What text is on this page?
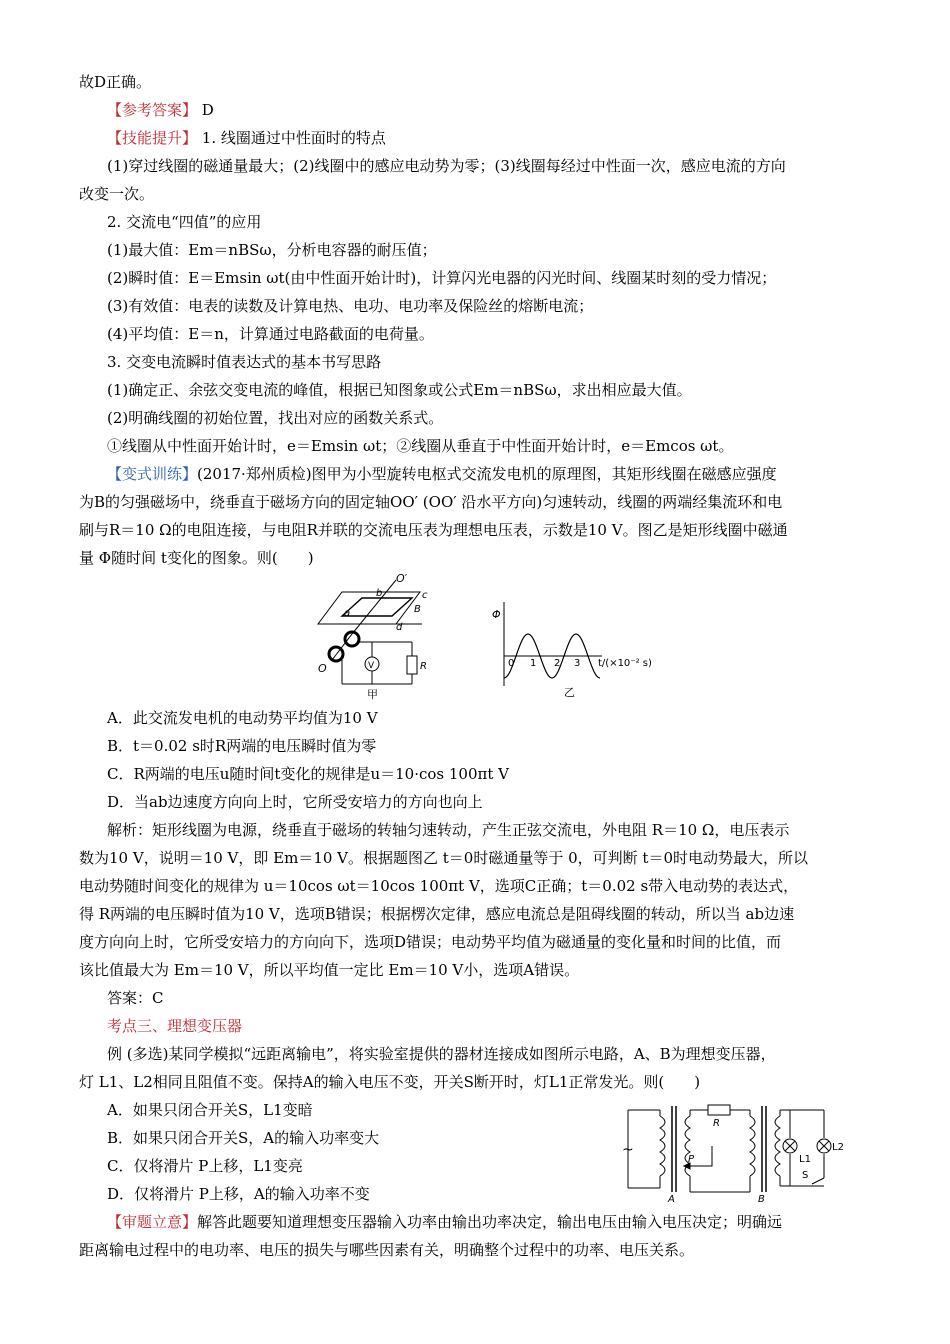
故D正确。
【参考答案】 D
【技能提升】 1. 线圈通过中性面时的特点
(1)穿过线圈的磁通量最大；(2)线圈中的感应电动势为零；(3)线圈每经过中性面一次，感应电流的方向
改变一次。
2. 交流电“四值”的应用
(1)最大值：Em＝nBSω，分析电容器的耐压值；
(2)瞬时值：E＝Emsin ωt(由中性面开始计时)，计算闪光电器的闪光时间、线圈某时刻的受力情况；
(3)有效值：电表的读数及计算电热、电功、电功率及保险丝的熔断电流；
(4)平均值：E＝n，计算通过电路截面的电荷量。
3. 交变电流瞬时值表达式的基本书写思路
(1)确定正、余弦交变电流的峰值，根据已知图象或公式Em＝nBSω，求出相应最大值。
(2)明确线圈的初始位置，找出对应的函数关系式。
①线圈从中性面开始计时，e＝Emsin ωt；②线圈从垂直于中性面开始计时，e＝Emcos ωt。
【变式训练】(2017·郑州质检)图甲为小型旋转电枢式交流发电机的原理图，其矩形线圈在磁感应强度
为B的匀强磁场中，绕垂直于磁场方向的固定轴OO′ (OO′ 沿水平方向)匀速转动，线圈的两端经集流环和电
刷与R＝10 Ω的电阻连接，与电阻R并联的交流电压表为理想电压表，示数是10 V。图乙是矩形线圈中磁通
量 Φ随时间 t变化的图象。则(　　)
O′
b	c
B
a
d
O	V	R
甲
Φ
0 1 2 3 t/(×10⁻² s)
乙
A．此交流发电机的电动势平均值为10 V
B．t＝0.02 s时R两端的电压瞬时值为零
C．R两端的电压u随时间t变化的规律是u＝10·cos 100πt V
D．当ab边速度方向向上时，它所受安培力的方向也向上
解析：矩形线圈为电源，绕垂直于磁场的转轴匀速转动，产生正弦交流电，外电阻 R＝10 Ω，电压表示
数为10 V，说明＝10 V，即 Em＝10 V。根据题图乙 t＝0时磁通量等于 0，可判断 t＝0时电动势最大，所以
电动势随时间变化的规律为 u＝10cos ωt＝10cos 100πt V，选项C正确；t＝0.02 s带入电动势的表达式，
得 R两端的电压瞬时值为10 V，选项B错误；根据楞次定律，感应电流总是阻碍线圈的转动，所以当 ab边速
度方向向上时，它所受安培力的方向向下，选项D错误；电动势平均值为磁通量的变化量和时间的比值，而
该比值最大为 Em＝10 V，所以平均值一定比 Em＝10 V小，选项A错误。
答案：C
考点三、理想变压器
例 (多选)某同学模拟“远距离输电”，将实验室提供的器材连接成如图所示电路，A、B为理想变压器，
灯 L1、L2相同且阻值不变。保持A的输入电压不变，开关S断开时，灯L1正常发光。则(　　)
A．如果只闭合开关S，L1变暗
B．如果只闭合开关S，A的输入功率变大
C．仅将滑片 P上移，L1变亮
D．仅将滑片 P上移，A的输入功率不变
~
R
P
A	B
L1
L2
S
【审题立意】解答此题要知道理想变压器输入功率由输出功率决定，输出电压由输入电压决定；明确远
距离输电过程中的电功率、电压的损失与哪些因素有关，明确整个过程中的功率、电压关系。
